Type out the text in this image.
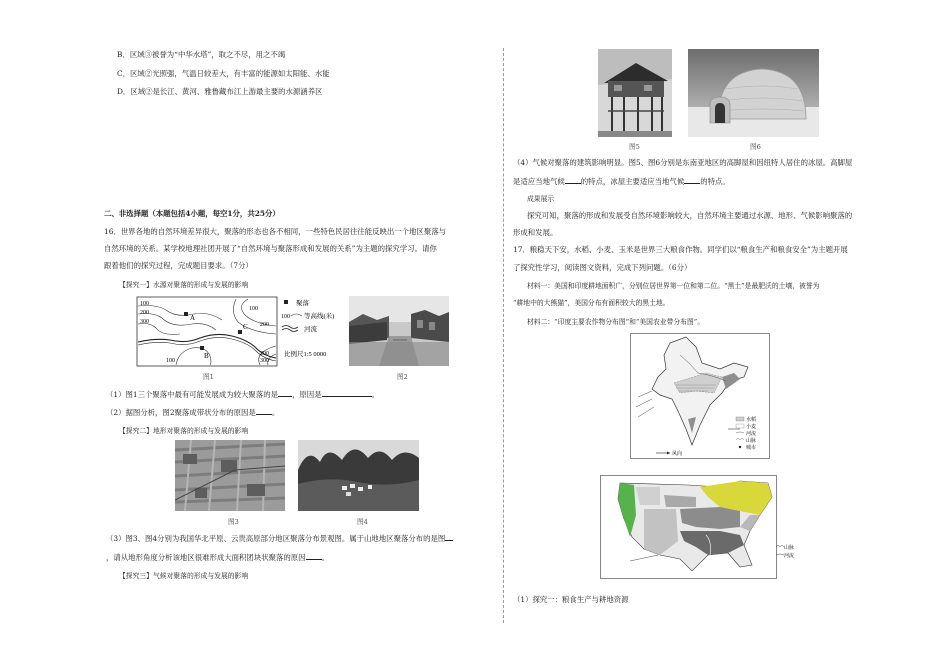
B．区域③被誉为“中华水塔”，取之不尽，用之不竭
C．区域②光照强，气温日较差大，有丰富的能源如太阳能、水能
D．区域②是长江、黄河、雅鲁藏布江上游最主要的水源涵养区
二、非选择题（本题包括4小题，每空1分，共25分）
16．世界各地的自然环境差异很大，聚落的形态也各不相同，一些特色民居往往能反映出一个地区聚落与
自然环境的关系。某学校地理社团开展了“自然环境与聚落形成和发展的关系”为主题的探究学习。请你
跟着他们的探究过程，完成题目要求。（7分）
【探究一】水源对聚落的形成与发展的影响
100
200
300
100
200
300
200
100
A
B
C
聚落
100 等高线(米)
河流
比例尺1:5 0000
图1	图2
（1）图1三个聚落中最有可能发展成为较大聚落的是 ，原因是	。
（2）据图分析，图2聚落成带状分布的原因是 。
【探究二】地形对聚落的形成与发展的影响
图3	图4
（3）图3、图4分别为我国华北平原、云贵高原部分地区聚落分布景观图。属于山地地区聚落分布的是图
，请从地形角度分析该地区很难形成大面积团块状聚落的原因 。
【探究三】气候对聚落的形成与发展的影响
图5	图6
（4）气候对聚落的建筑影响明显。图5、图6分别是东南亚地区的高脚屋和因纽特人居住的冰屋。高脚屋
是适应当地气候 的特点，冰屋主要适应当地气候 的特点。
成果展示
探究可知，聚落的形成和发展受自然环境影响较大，自然环境主要通过水源、地形、气候影响聚落的
形成和发展。
17．粮稳天下安，水稻、小麦、玉米是世界三大粮食作物。同学们以“粮食生产和粮食安全”为主题开展
了探究性学习，阅读图文资料，完成下列问题。（6分）
材料一：美国和印度耕地面积广，分别位居世界第一位和第二位。“黑土”是最肥沃的土壤，被誉为
“耕地中的大熊猫”，美国分布有面积较大的黑土地。
材料二：“印度主要农作物分布图”和“美国农业带分布图”。
水稻
小麦
河流
山脉
城市
风向
山脉
河流
（1）探究一：粮食生产与耕地资源
